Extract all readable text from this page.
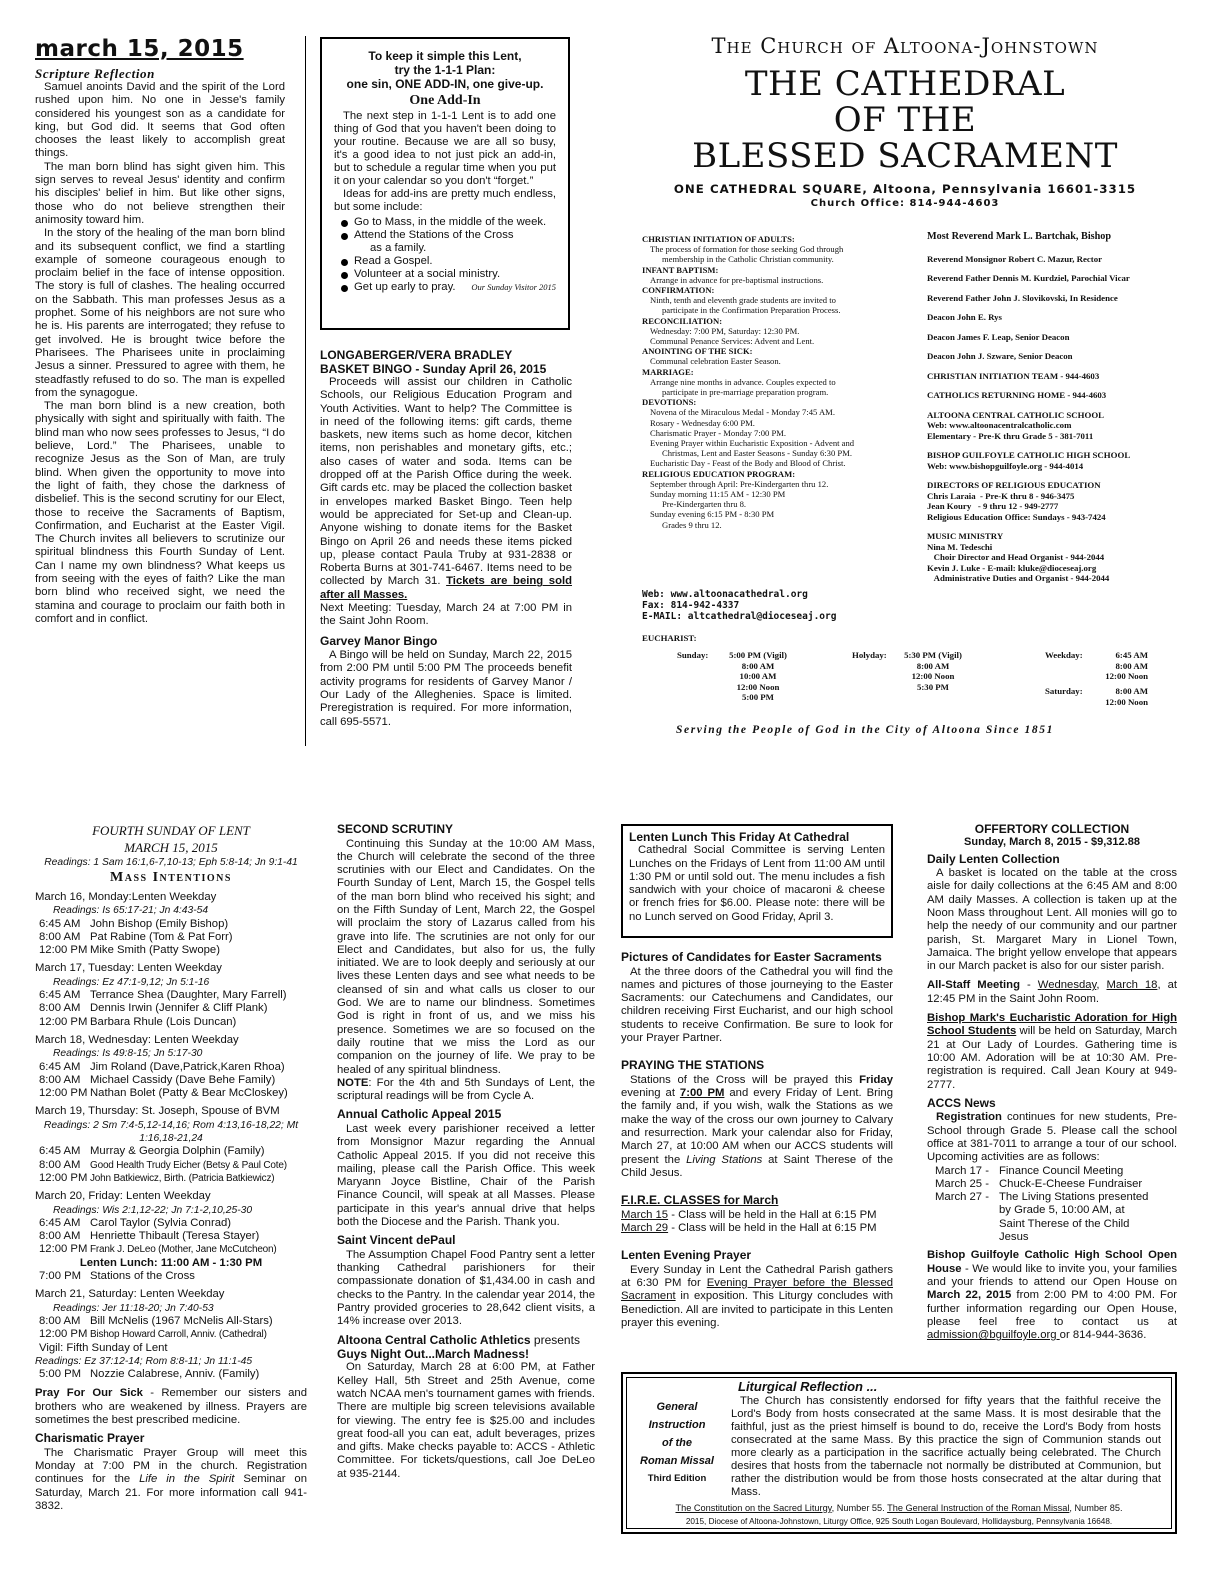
march 15, 2015
Scripture Reflection

Samuel anoints David and the spirit of the Lord rushed upon him. No one in Jesse's family considered his youngest son as a candidate for king, but God did. It seems that God often chooses the least likely to accomplish great things.

The man born blind has sight given him. This sign serves to reveal Jesus' identity and confirm his disciples' belief in him. But like other signs, those who do not believe strengthen their animosity toward him.

In the story of the healing of the man born blind and its subsequent conflict, we find a startling example of someone courageous enough to proclaim belief in the face of intense opposition. The story is full of clashes. The healing occurred on the Sabbath. This man professes Jesus as a prophet. Some of his neighbors are not sure who he is. His parents are interrogated; they refuse to get involved. He is brought twice before the Pharisees. The Pharisees unite in proclaiming Jesus a sinner. Pressured to agree with them, he steadfastly refused to do so. The man is expelled from the synagogue.

The man born blind is a new creation, both physically with sight and spiritually with faith. The blind man who now sees professes to Jesus, “I do believe, Lord.” The Pharisees, unable to recognize Jesus as the Son of Man, are truly blind. When given the opportunity to move into the light of faith, they chose the darkness of disbelief. This is the second scrutiny for our Elect, those to receive the Sacraments of Baptism, Confirmation, and Eucharist at the Easter Vigil. The Church invites all believers to scrutinize our spiritual blindness this Fourth Sunday of Lent. Can I name my own blindness? What keeps us from seeing with the eyes of faith? Like the man born blind who received sight, we need the stamina and courage to proclaim our faith both in comfort and in conflict.

To keep it simple this Lent,
try the 1-1-1 Plan:
one sin, ONE ADD-IN, one give-up.
One Add-In

The next step in 1-1-1 Lent is to add one thing of God that you haven't been doing to your routine. Because we are all so busy, it's a good idea to not just pick an add-in, but to schedule a regular time when you put it on your calendar so you don't “forget.”

Ideas for add-ins are pretty much endless, but some include:

Go to Mass, in the middle of the week.
Attend the Stations of the Cross
as a family.
Read a Gospel.
Volunteer at a social ministry.
Get up early to pray. Our Sunday Visitor 2015
LONGABERGER/VERA BRADLEY
BASKET BINGO - Sunday April 26, 2015

Proceeds will assist our children in Catholic Schools, our Religious Education Program and Youth Activities. Want to help? The Committee is in need of the following items: gift cards, theme baskets, new items such as home decor, kitchen items, non perishables and monetary gifts, etc.; also cases of water and soda. Items can be dropped off at the Parish Office during the week. Gift cards etc. may be placed the collection basket in envelopes marked Basket Bingo. Teen help would be appreciated for Set-up and Clean-up. Anyone wishing to donate items for the Basket Bingo on April 26 and needs these items picked up, please contact Paula Truby at 931-2838 or Roberta Burns at 301-741-6467. Items need to be collected by March 31. Tickets are being sold after all Masses.

Next Meeting: Tuesday, March 24 at 7:00 PM in the Saint John Room.

Garvey Manor Bingo

A Bingo will be held on Sunday, March 22, 2015 from 2:00 PM until 5:00 PM The proceeds benefit activity programs for residents of Garvey Manor / Our Lady of the Alleghenies. Space is limited. Preregistration is required. For more information, call 695-5571.

The Church of Altoona-Johnstown
THE CATHEDRAL
OF THE
BLESSED SACRAMENT
ONE CATHEDRAL SQUARE, Altoona, Pennsylvania 16601-3315
Church Office: 814-944-4603
CHRISTIAN INITIATION OF ADULTS:
The process of formation for those seeking God through
membership in the Catholic Christian community.
INFANT BAPTISM:
Arrange in advance for pre-baptismal instructions.
CONFIRMATION:
Ninth, tenth and eleventh grade students are invited to
participate in the Confirmation Preparation Process.
RECONCILIATION:
Wednesday: 7:00 PM, Saturday: 12:30 PM.
Communal Penance Services: Advent and Lent.
ANOINTING OF THE SICK:
Communal celebration Easter Season.
MARRIAGE:
Arrange nine months in advance. Couples expected to
participate in pre-marriage preparation program.
DEVOTIONS:
Novena of the Miraculous Medal - Monday 7:45 AM.
Rosary - Wednesday 6:00 PM.
Charismatic Prayer - Monday 7:00 PM.
Evening Prayer within Eucharistic Exposition - Advent and
Christmas, Lent and Easter Seasons - Sunday 6:30 PM.
Eucharistic Day - Feast of the Body and Blood of Christ.
RELIGIOUS EDUCATION PROGRAM:
September through April: Pre-Kindergarten thru 12.
Sunday morning 11:15 AM - 12:30 PM
Pre-Kindergarten thru 8.
Sunday evening 6:15 PM - 8:30 PM
Grades 9 thru 12.
Web: www.altoonacathedral.org
Fax: 814-942-4337
E-MAIL: altcathedral@dioceseaj.org
Most Reverend Mark L. Bartchak, Bishop
Reverend Monsignor Robert C. Mazur, Rector
Reverend Father Dennis M. Kurdziel, Parochial Vicar
Reverend Father John J. Slovikovski, In Residence
Deacon John E. Rys
Deacon James F. Leap, Senior Deacon
Deacon John J. Szware, Senior Deacon
CHRISTIAN INITIATION TEAM - 944-4603
CATHOLICS RETURNING HOME - 944-4603
ALTOONA CENTRAL CATHOLIC SCHOOL
Web: www.altoonacentralcatholic.com
Elementary - Pre-K thru Grade 5 - 381-7011
BISHOP GUILFOYLE CATHOLIC HIGH SCHOOL
Web: www.bishopguilfoyle.org - 944-4014
DIRECTORS OF RELIGIOUS EDUCATION
Chris Laraia  - Pre-K thru 8 - 946-3475
Jean Koury   - 9 thru 12 - 949-2777
Religious Education Office: Sundays - 943-7424
MUSIC MINISTRY
Nina M. Tedeschi
Choir Director and Head Organist - 944-2044
Kevin J. Luke - E-mail: kluke@dioceseaj.org
Administrative Duties and Organist - 944-2044
EUCHARIST:
Sunday:	5:00 PM (Vigil)
8:00 AM
10:00 AM
12:00 Noon
5:00 PM
Holyday:	5:30 PM (Vigil)
8:00 AM
12:00 Noon
5:30 PM
Weekday:	6:45 AM
8:00 AM
12:00 Noon
Saturday:	8:00 AM
12:00 Noon
Serving the People of God in the City of Altoona Since 1851
FOURTH SUNDAY OF LENT
MARCH 15, 2015
Readings: 1 Sam 16:1,6-7,10-13; Eph 5:8-14; Jn 9:1-41
Mass Intentions
March 16, Monday:Lenten Weekday
Readings: Is 65:17-21; Jn 4:43-54
6:45 AM John Bishop (Emily Bishop)
8:00 AM Pat Rabine (Tom & Pat Forr)
12:00 PM Mike Smith (Patty Swope)
March 17, Tuesday: Lenten Weekday
Readings: Ez 47:1-9,12; Jn 5:1-16
6:45 AM Terrance Shea (Daughter, Mary Farrell)
8:00 AM Dennis Irwin (Jennifer & Cliff Plank)
12:00 PM Barbara Rhule (Lois Duncan)
March 18, Wednesday: Lenten Weekday
Readings: Is 49:8-15; Jn 5:17-30
6:45 AM Jim Roland (Dave,Patrick,Karen Rhoa)
8:00 AM Michael Cassidy (Dave Behe Family)
12:00 PM Nathan Bolet (Patty & Bear McCloskey)
March 19, Thursday: St. Joseph, Spouse of BVM
Readings: 2 Sm 7:4-5,12-14,16; Rom 4:13,16-18,22; Mt 1:16,18-21,24
6:45 AM Murray & Georgia Dolphin (Family)
8:00 AM Good Health Trudy Eicher (Betsy & Paul Cote)
12:00 PM John Batkiewicz, Birth. (Patricia Batkiewicz)
March 20, Friday: Lenten Weekday
Readings: Wis 2:1,12-22; Jn 7:1-2,10,25-30
6:45 AM Carol Taylor (Sylvia Conrad)
8:00 AM Henriette Thibault (Teresa Stayer)
12:00 PM Frank J. DeLeo (Mother, Jane McCutcheon)
Lenten Lunch: 11:00 AM - 1:30 PM
7:00 PM Stations of the Cross
March 21, Saturday: Lenten Weekday
Readings: Jer 11:18-20; Jn 7:40-53
8:00 AM Bill McNelis (1967 McNelis All-Stars)
12:00 PM Bishop Howard Carroll, Anniv. (Cathedral)
Vigil: Fifth Sunday of Lent
Readings: Ez 37:12-14; Rom 8:8-11; Jn 11:1-45
5:00 PM Nozzie Calabrese, Anniv. (Family)

Pray For Our Sick - Remember our sisters and brothers who are weakened by illness. Prayers are sometimes the best prescribed medicine.

Charismatic Prayer

The Charismatic Prayer Group will meet this Monday at 7:00 PM in the church. Registration continues for the Life in the Spirit Seminar on Saturday, March 21. For more information call 941-3832.

SECOND SCRUTINY

Continuing this Sunday at the 10:00 AM Mass, the Church will celebrate the second of the three scrutinies with our Elect and Candidates. On the Fourth Sunday of Lent, March 15, the Gospel tells of the man born blind who received his sight; and on the Fifth Sunday of Lent, March 22, the Gospel will proclaim the story of Lazarus called from his grave into life. The scrutinies are not only for our Elect and Candidates, but also for us, the fully initiated. We are to look deeply and seriously at our lives these Lenten days and see what needs to be cleansed of sin and what calls us closer to our God. We are to name our blindness. Sometimes God is right in front of us, and we miss his presence. Sometimes we are so focused on the daily routine that we miss the Lord as our companion on the journey of life. We pray to be healed of any spiritual blindness.

NOTE: For the 4th and 5th Sundays of Lent, the scriptural readings will be from Cycle A.

Annual Catholic Appeal 2015

Last week every parishioner received a letter from Monsignor Mazur regarding the Annual Catholic Appeal 2015. If you did not receive this mailing, please call the Parish Office. This week Maryann Joyce Bistline, Chair of the Parish Finance Council, will speak at all Masses. Please participate in this year's annual drive that helps both the Diocese and the Parish. Thank you.

Saint Vincent dePaul

The Assumption Chapel Food Pantry sent a letter thanking Cathedral parishioners for their compassionate donation of $1,434.00 in cash and checks to the Pantry. In the calendar year 2014, the Pantry provided groceries to 28,642 client visits, a 14% increase over 2013.

Altoona Central Catholic Athletics presents
Guys Night Out...March Madness!

On Saturday, March 28 at 6:00 PM, at Father Kelley Hall, 5th Street and 25th Avenue, come watch NCAA men's tournament games with friends. There are multiple big screen televisions available for viewing. The entry fee is $25.00 and includes great food-all you can eat, adult beverages, prizes and gifts. Make checks payable to: ACCS - Athletic Committee. For tickets/questions, call Joe DeLeo at 935-2144.

Lenten Lunch This Friday At Cathedral

Cathedral Social Committee is serving Lenten Lunches on the Fridays of Lent from 11:00 AM until 1:30 PM or until sold out. The menu includes a fish sandwich with your choice of macaroni & cheese or french fries for $6.00. Please note: there will be no Lunch served on Good Friday, April 3.

Pictures of Candidates for Easter Sacraments

At the three doors of the Cathedral you will find the names and pictures of those journeying to the Easter Sacraments: our Catechumens and Candidates, our children receiving First Eucharist, and our high school students to receive Confirmation. Be sure to look for your Prayer Partner.

PRAYING THE STATIONS

Stations of the Cross will be prayed this Friday evening at 7:00 PM and every Friday of Lent. Bring the family and, if you wish, walk the Stations as we make the way of the cross our own journey to Calvary and resurrection. Mark your calendar also for Friday, March 27, at 10:00 AM when our ACCS students will present the Living Stations at Saint Therese of the Child Jesus.

F.I.R.E. CLASSES for March
March 15 - Class will be held in the Hall at 6:15 PM
March 29 - Class will be held in the Hall at 6:15 PM
Lenten Evening Prayer

Every Sunday in Lent the Cathedral Parish gathers at 6:30 PM for Evening Prayer before the Blessed Sacrament in exposition. This Liturgy concludes with Benediction. All are invited to participate in this Lenten prayer this evening.

OFFERTORY COLLECTION
Sunday, March 8, 2015 - $9,312.88
Daily Lenten Collection

A basket is located on the table at the cross aisle for daily collections at the 6:45 AM and 8:00 AM daily Masses. A collection is taken up at the Noon Mass throughout Lent. All monies will go to help the needy of our community and our partner parish, St. Margaret Mary in Lionel Town, Jamaica. The bright yellow envelope that appears in our March packet is also for our sister parish.

All-Staff Meeting - Wednesday, March 18, at 12:45 PM in the Saint John Room.

Bishop Mark's Eucharistic Adoration for High School Students will be held on Saturday, March 21 at Our Lady of Lourdes. Gathering time is 10:00 AM. Adoration will be at 10:30 AM. Pre-registration is required. Call Jean Koury at 949-2777.

ACCS News

Registration continues for new students, Pre-School through Grade 5. Please call the school office at 381-7011 to arrange a tour of our school. Upcoming activities are as follows:

March 17 - Finance Council Meeting
March 25 - Chuck-E-Cheese Fundraiser
March 27 - The Living Stations presented by Grade 5, 10:00 AM, at Saint Therese of the Child Jesus

Bishop Guilfoyle Catholic High School Open House - We would like to invite you, your families and your friends to attend our Open House on March 22, 2015 from 2:00 PM to 4:00 PM. For further information regarding our Open House, please feel free to contact us at admission@bguilfoyle.org or 814-944-3636.

Liturgical Reflection ...
General
Instruction
of the
Roman Missal
Third Edition

The Church has consistently endorsed for fifty years that the faithful receive the Lord's Body from hosts consecrated at the same Mass. It is most desirable that the faithful, just as the priest himself is bound to do, receive the Lord's Body from hosts consecrated at the same Mass. By this practice the sign of Communion stands out more clearly as a participation in the sacrifice actually being celebrated. The Church desires that hosts from the tabernacle not normally be distributed at Communion, but rather the distribution would be from those hosts consecrated at the altar during that Mass.

The Constitution on the Sacred Liturgy, Number 55. The General Instruction of the Roman Missal, Number 85.
2015, Diocese of Altoona-Johnstown, Liturgy Office, 925 South Logan Boulevard, Hollidaysburg, Pennsylvania 16648.
